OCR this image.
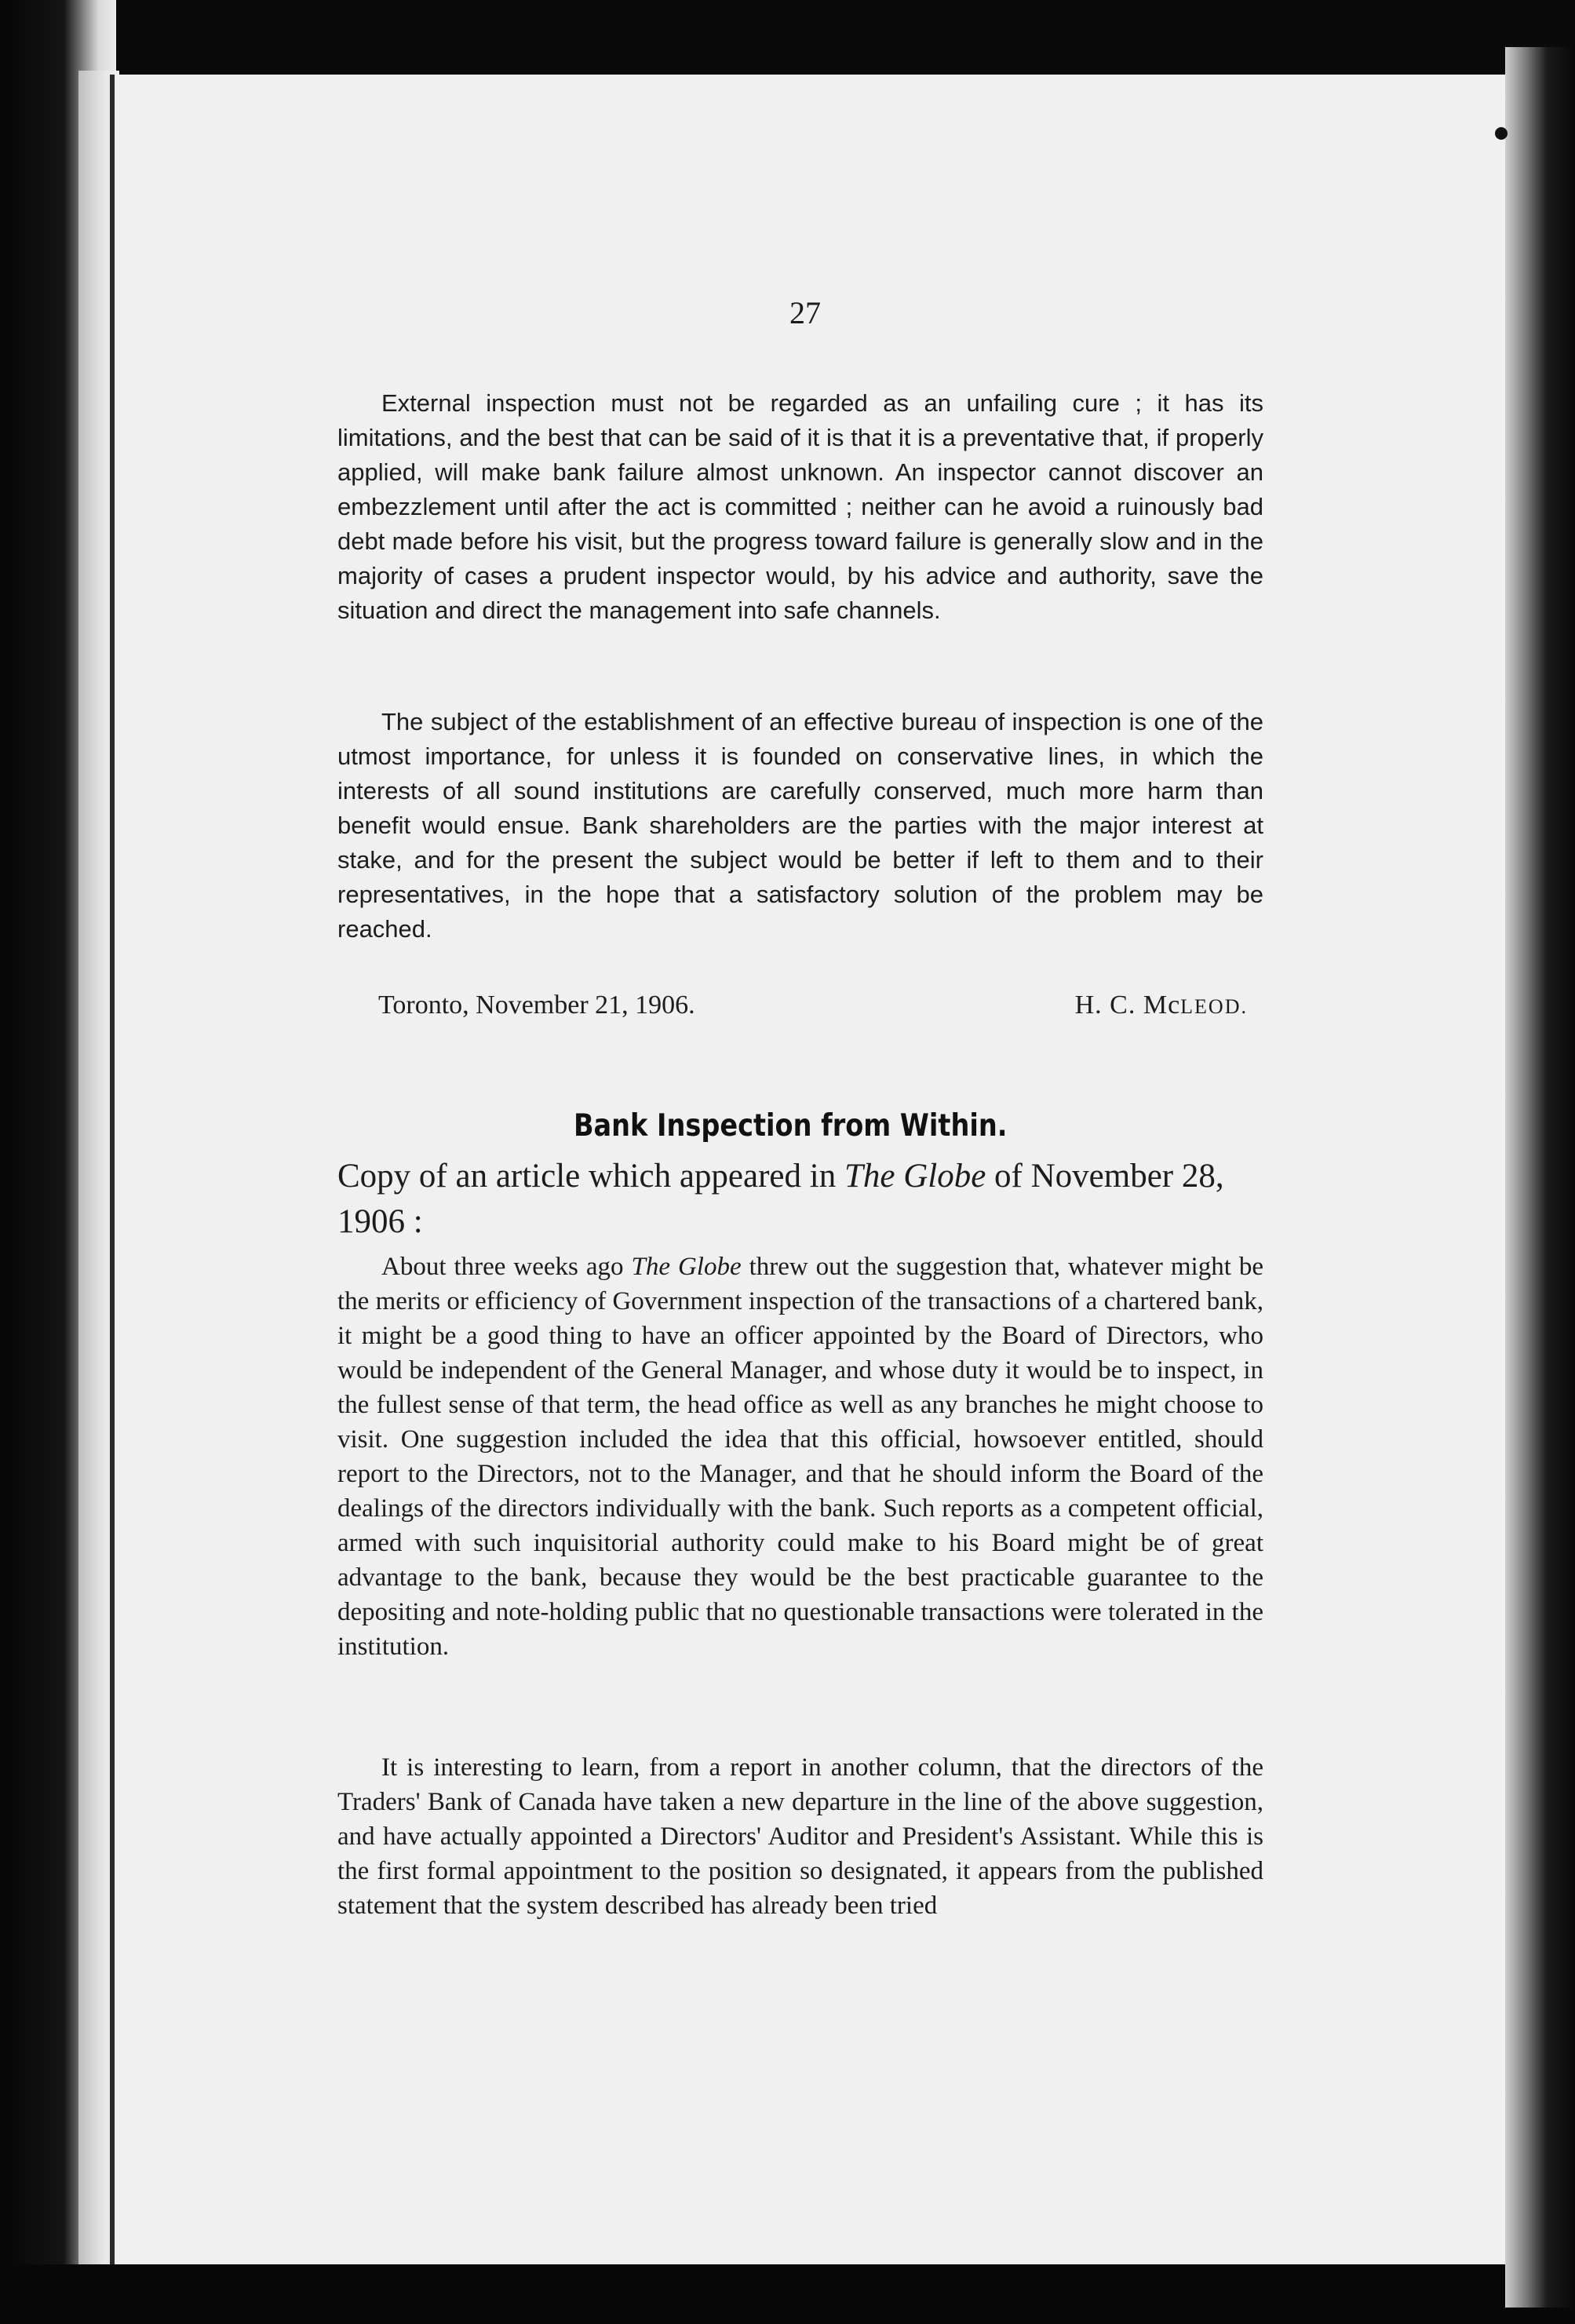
27

External inspection must not be regarded as an unfailing cure ; it has its limitations, and the best that can be said of it is that it is a preventative that, if properly applied, will make bank failure almost unknown. An inspector cannot discover an embezzlement until after the act is committed ; neither can he avoid a ruinously bad debt made before his visit, but the progress toward failure is generally slow and in the majority of cases a prudent inspector would, by his advice and authority, save the situation and direct the management into safe channels.

The subject of the establishment of an effective bureau of inspection is one of the utmost importance, for unless it is founded on conservative lines, in which the interests of all sound institutions are carefully conserved, much more harm than benefit would ensue. Bank shareholders are the parties with the major interest at stake, and for the present the subject would be better if left to them and to their representatives, in the hope that a satisfactory solution of the problem may be reached.

Toronto, November 21, 1906.	H. C. McLEOD.
Bank Inspection from Within.
Copy of an article which appeared in The Globe of November 28, 1906 :

About three weeks ago The Globe threw out the suggestion that, whatever might be the merits or efficiency of Government inspection of the transactions of a chartered bank, it might be a good thing to have an officer appointed by the Board of Directors, who would be independent of the General Manager, and whose duty it would be to inspect, in the fullest sense of that term, the head office as well as any branches he might choose to visit. One suggestion included the idea that this official, howsoever entitled, should report to the Directors, not to the Manager, and that he should inform the Board of the dealings of the directors individually with the bank. Such reports as a competent official, armed with such inquisitorial authority could make to his Board might be of great advantage to the bank, because they would be the best practicable guarantee to the depositing and note-holding public that no questionable transactions were tolerated in the institution.

It is interesting to learn, from a report in another column, that the directors of the Traders' Bank of Canada have taken a new departure in the line of the above suggestion, and have actually appointed a Directors' Auditor and President's Assistant. While this is the first formal appointment to the position so designated, it appears from the published statement that the system described has already been tried
